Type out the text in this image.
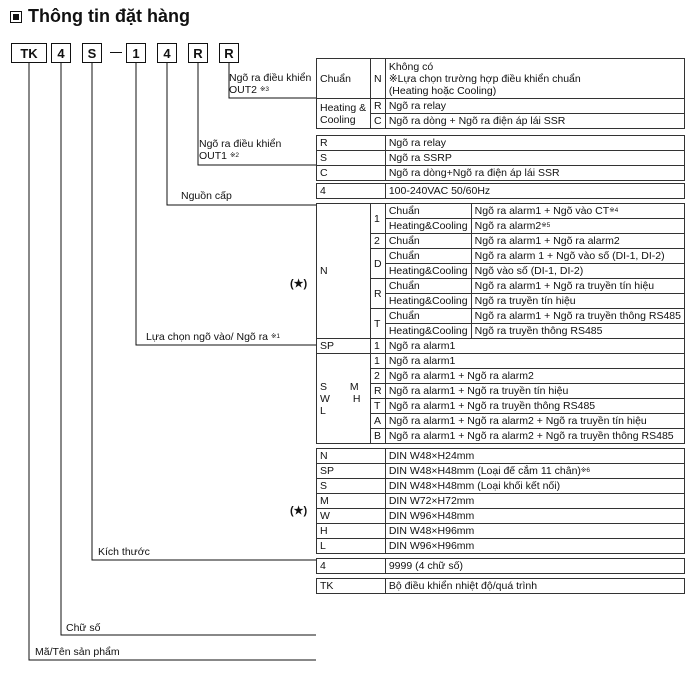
Thông tin đặt hàng
TK	4	S	1	4	R	R
Ngõ ra điều khiển
OUT2 $^{※3}$
Ngõ ra điều khiển
OUT1 $^{※2}$
Nguồn cấp
Lựa chọn ngõ vào/ Ngõ ra $^{※1}$
Kích thước
Chữ số
Mã/Tên sản phẩm
(★)
(★)
Chuẩn	N	Không có
※Lựa chọn trường hợp điều khiển chuẩn
(Heating hoặc Cooling)	

Heating &
Cooling	R	Ngõ ra relay	
	C	Ngõ ra dòng + Ngõ ra điện áp lái SSR	

R		Ngõ ra relay	
S		Ngõ ra SSRP	
C		Ngõ ra dòng+Ngõ ra điện áp lái SSR	

4		100-240VAC 50/60Hz	

N	1	Chuẩn	Ngõ ra alarm1 + Ngõ vào CT$^{※4}$
		Heating&Cooling	Ngõ ra alarm2$^{※5}$
	2	Chuẩn	Ngõ ra alarm1 + Ngõ ra alarm2
	D	Chuẩn	Ngõ ra alarm 1 + Ngõ vào số (DI-1, DI-2)
		Heating&Cooling	Ngõ vào số (DI-1, DI-2)
	R	Chuẩn	Ngõ ra alarm1 + Ngõ ra truyền tín hiệu
		Heating&Cooling	Ngõ ra truyền tín hiệu
	T	Chuẩn	Ngõ ra alarm1 + Ngõ ra truyền thông RS485
		Heating&Cooling	Ngõ ra truyền thông RS485
SP	1	Ngõ ra alarm1	
S M W H L	1	Ngõ ra alarm1	
	2	Ngõ ra alarm1 + Ngõ ra alarm2	
	R	Ngõ ra alarm1 + Ngõ ra truyền tín hiệu	
	T	Ngõ ra alarm1 + Ngõ ra truyền thông RS485	
	A	Ngõ ra alarm1 + Ngõ ra alarm2 + Ngõ ra truyền tín hiệu	
	B	Ngõ ra alarm1 + Ngõ ra alarm2 + Ngõ ra truyền thông RS485	

N		DIN W48×H24mm	
SP		DIN W48×H48mm (Loại đế cắm 11 chân)$^{※6}$
S		DIN W48×H48mm (Loại khối kết nối)	
M		DIN W72×H72mm	
W		DIN W96×H48mm	
H		DIN W48×H96mm	
L		DIN W96×H96mm	

4		9999 (4 chữ số)	

TK		Bộ điều khiển nhiệt độ/quá trình	
